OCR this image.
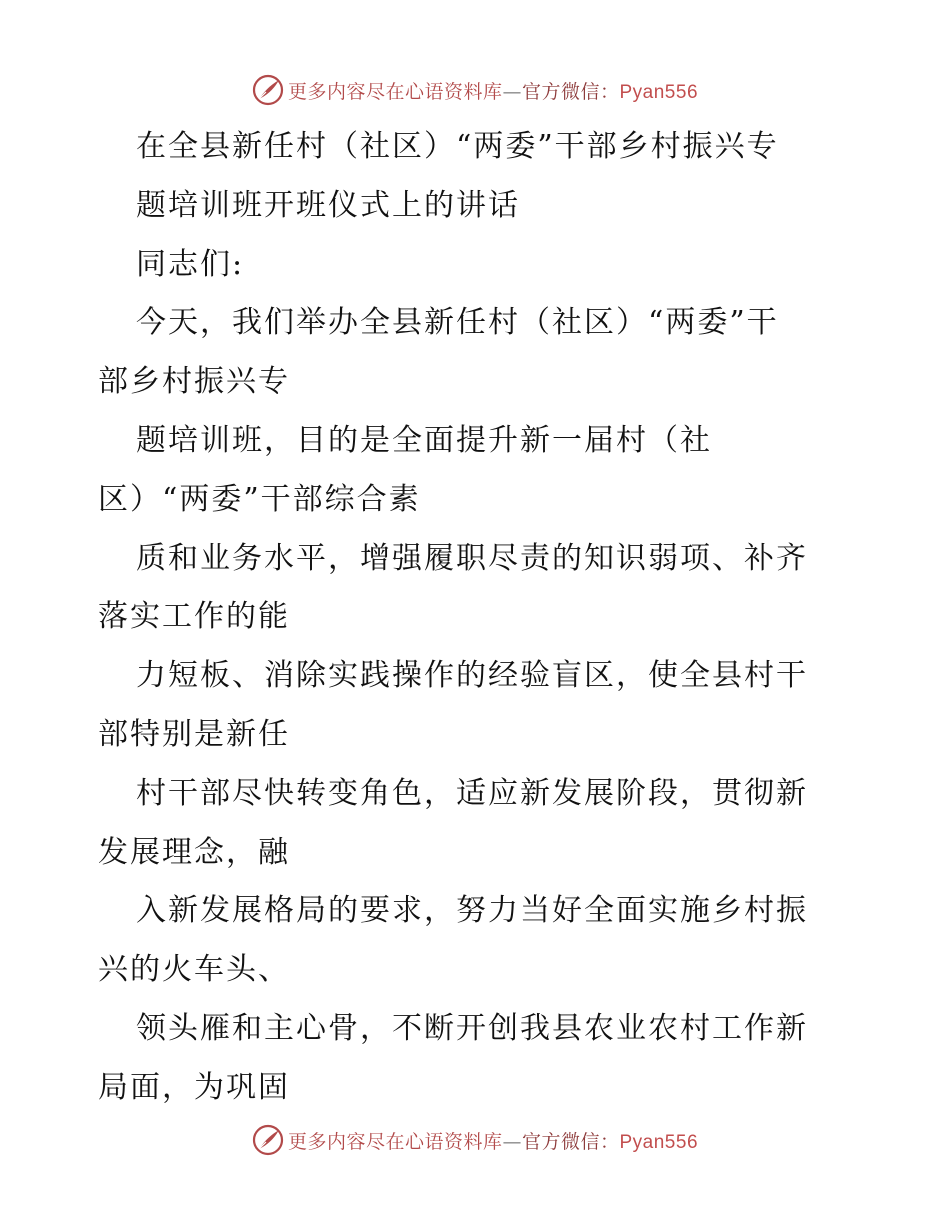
更多内容尽在心语资料库—官方微信：Pyan556
在全县新任村（社区）“两委”干部乡村振兴专
题培训班开班仪式上的讲话
同志们:
今天，我们举办全县新任村（社区）“两委”干
部乡村振兴专
题培训班，目的是全面提升新一届村（社
区）“两委”干部综合素
质和业务水平，增强履职尽责的知识弱项、补齐
落实工作的能
力短板、消除实践操作的经验盲区，使全县村干
部特别是新任
村干部尽快转变角色，适应新发展阶段，贯彻新
发展理念，融
入新发展格局的要求，努力当好全面实施乡村振
兴的火车头、
领头雁和主心骨，不断开创我县农业农村工作新
局面，为巩固
更多内容尽在心语资料库—官方微信：Pyan556
